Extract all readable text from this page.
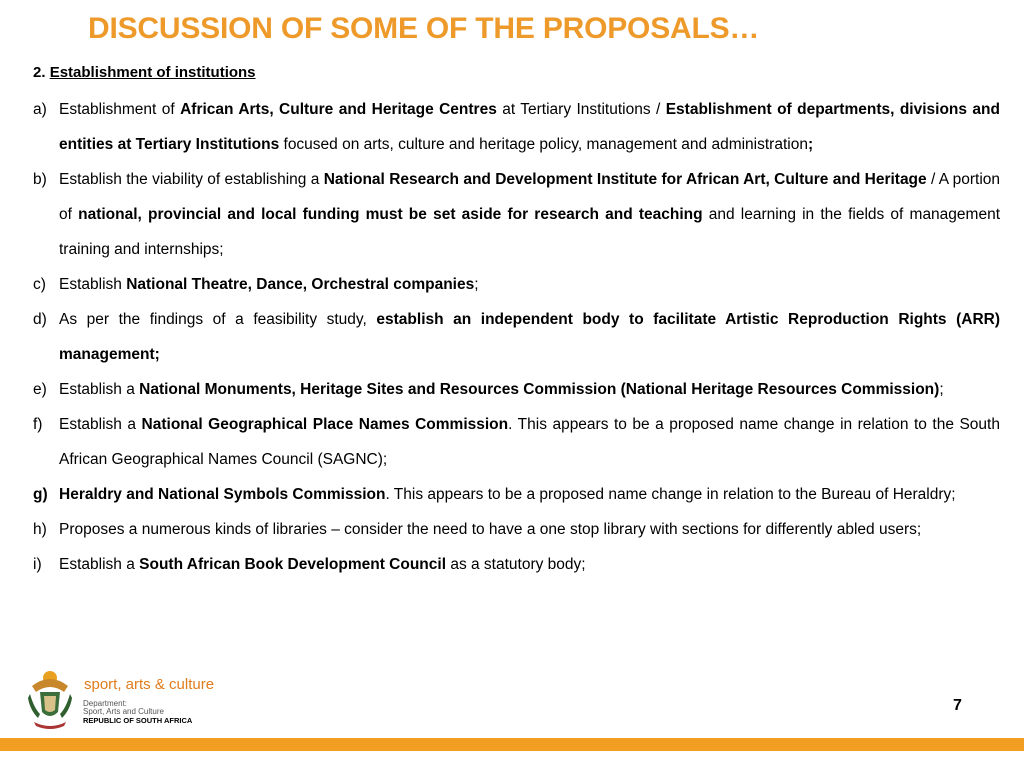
DISCUSSION OF SOME OF THE PROPOSALS…
2. Establishment of institutions
a) Establishment of African Arts, Culture and Heritage Centres at Tertiary Institutions / Establishment of departments, divisions and entities at Tertiary Institutions focused on arts, culture and heritage policy, management and administration;
b) Establish the viability of establishing a National Research and Development Institute for African Art, Culture and Heritage / A portion of national, provincial and local funding must be set aside for research and teaching and learning in the fields of management training and internships;
c) Establish National Theatre, Dance, Orchestral companies;
d) As per the findings of a feasibility study, establish an independent body to facilitate Artistic Reproduction Rights (ARR) management;
e) Establish a National Monuments, Heritage Sites and Resources Commission (National Heritage Resources Commission);
f)	Establish a National Geographical Place Names Commission. This appears to be a proposed name change in relation to the South African Geographical Names Council (SAGNC);
g) Heraldry and National Symbols Commission. This appears to be a proposed name change in relation to the Bureau of Heraldry;
h) Proposes a numerous kinds of libraries – consider the need to have a one stop library with sections for differently abled users;
i)	Establish a South African Book Development Council as a statutory body;
sport, arts & culture
Department:
Sport, Arts and Culture
REPUBLIC OF SOUTH AFRICA
7
